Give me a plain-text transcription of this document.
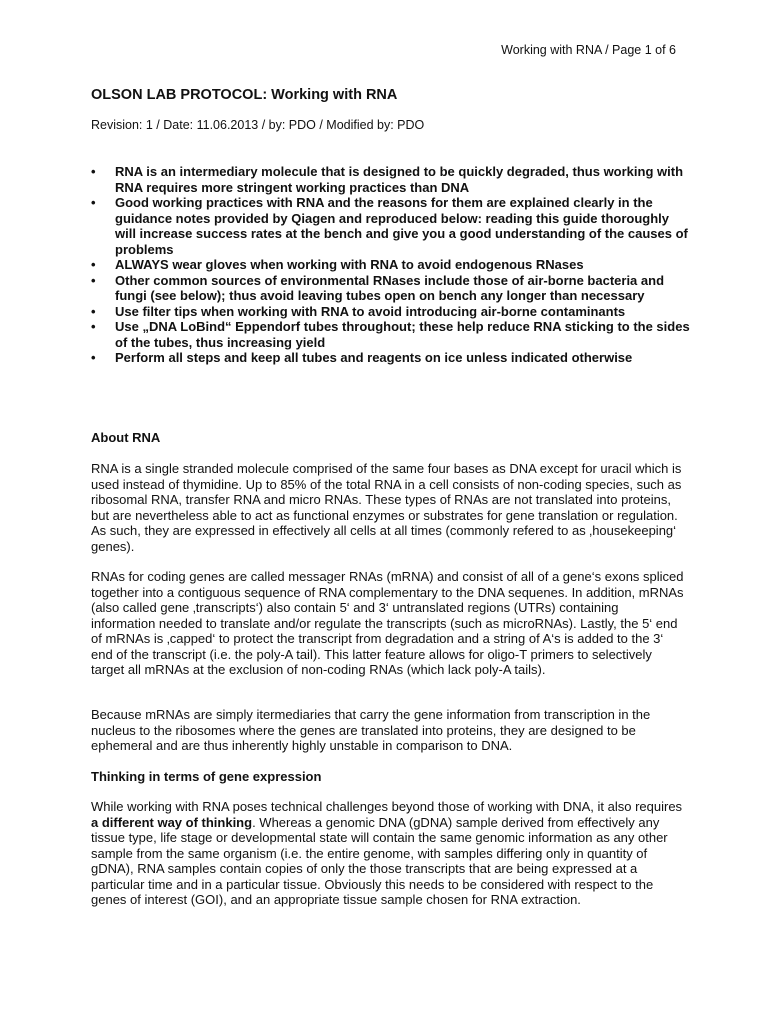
Working with RNA / Page 1 of 6
OLSON LAB PROTOCOL: Working with RNA
Revision: 1 / Date: 11.06.2013 / by: PDO / Modified by: PDO
• RNA is an intermediary molecule that is designed to be quickly degraded, thus working with RNA requires more stringent working practices than DNA
• Good working practices with RNA and the reasons for them are explained clearly in the guidance notes provided by Qiagen and reproduced below: reading this guide thoroughly will increase success rates at the bench and give you a good understanding of the causes of problems
• ALWAYS wear gloves when working with RNA to avoid endogenous RNases
• Other common sources of environmental RNases include those of air-borne bacteria and fungi (see below); thus avoid leaving tubes open on bench any longer than necessary
• Use filter tips when working with RNA to avoid introducing air-borne contaminants
• Use „DNA LoBind“ Eppendorf tubes throughout; these help reduce RNA sticking to the sides of the tubes, thus increasing yield
• Perform all steps and keep all tubes and reagents on ice unless indicated otherwise
About RNA

RNA is a single stranded molecule comprised of the same four bases as DNA except for uracil which is used instead of thymidine. Up to 85% of the total RNA in a cell consists of non-coding species, such as ribosomal RNA, transfer RNA and micro RNAs. These types of RNAs are not translated into proteins, but are nevertheless able to act as functional enzymes or substrates for gene translation or regulation. As such, they are expressed in effectively all cells at all times (commonly refered to as ‚housekeeping‘ genes).

RNAs for coding genes are called messager RNAs (mRNA) and consist of all of a gene‘s exons spliced together into a contiguous sequence of RNA complementary to the DNA sequenes. In addition, mRNAs (also called gene ‚transcripts‘) also contain 5‘ and 3‘ untranslated regions (UTRs) containing information needed to translate and/or regulate the transcripts (such as microRNAs). Lastly, the 5‘ end of mRNAs is ‚capped‘ to protect the transcript from degradation and a string of A‘s is added to the 3‘ end of the transcript (i.e. the poly-A tail). This latter feature allows for oligo-T primers to selectively target all mRNAs at the exclusion of non-coding RNAs (which lack poly-A tails).

Because mRNAs are simply itermediaries that carry the gene information from transcription in the nucleus to the ribosomes where the genes are translated into proteins, they are designed to be ephemeral and are thus inherently highly unstable in comparison to DNA.

Thinking in terms of gene expression

While working with RNA poses technical challenges beyond those of working with DNA, it also requires a different way of thinking. Whereas a genomic DNA (gDNA) sample derived from effectively any tissue type, life stage or developmental state will contain the same genomic information as any other sample from the same organism (i.e. the entire genome, with samples differing only in quantity of gDNA), RNA samples contain copies of only the those transcripts that are being expressed at a particular time and in a particular tissue. Obviously this needs to be considered with respect to the genes of interest (GOI), and an appropriate tissue sample chosen for RNA extraction.
